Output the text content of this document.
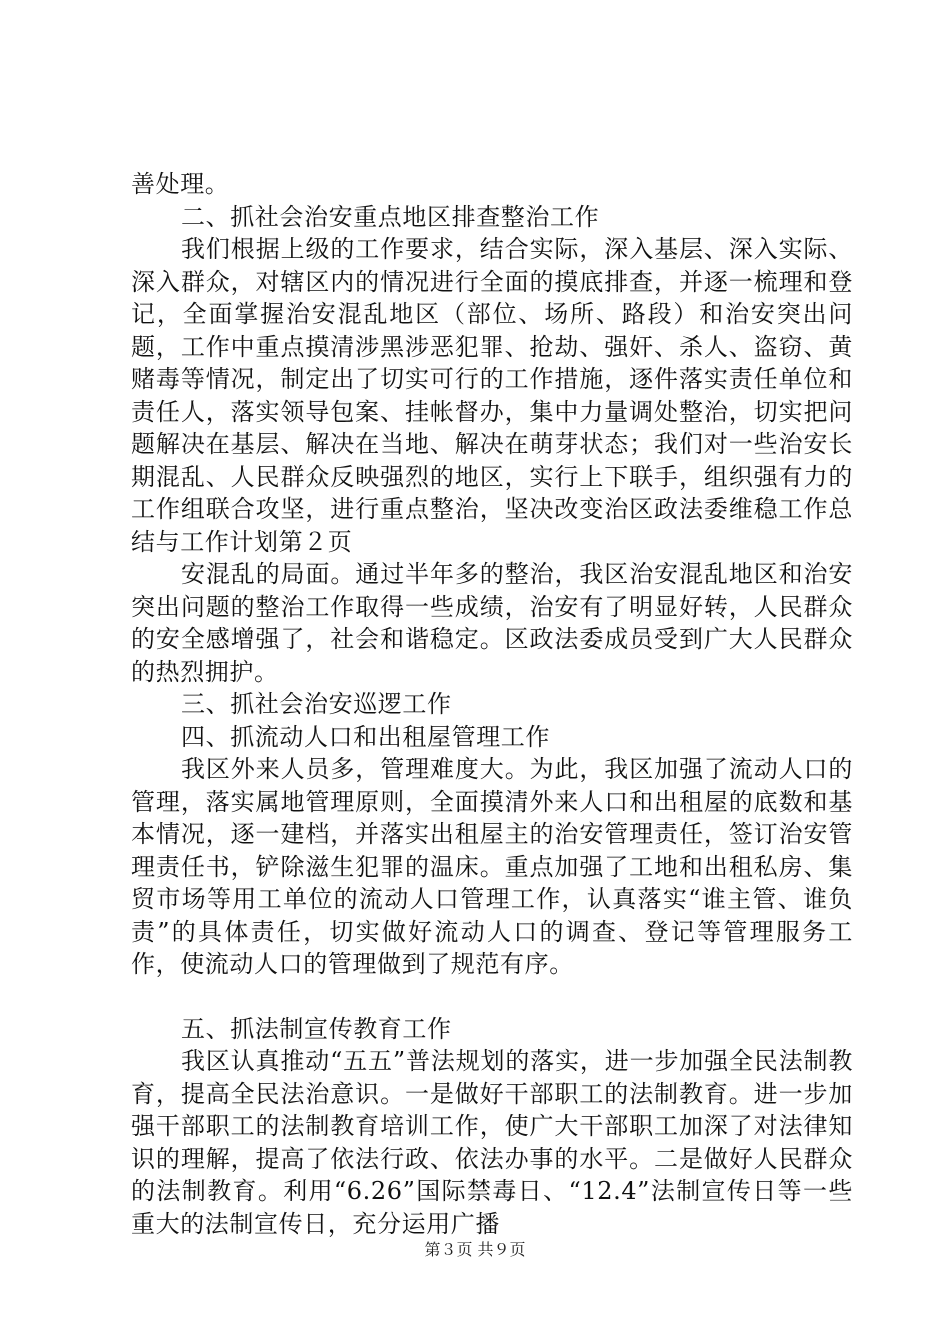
善处理。

二、抓社会治安重点地区排查整治工作

我们根据上级的工作要求，结合实际，深入基层、深入实际、深入群众，对辖区内的情况进行全面的摸底排查，并逐一梳理和登记，全面掌握治安混乱地区（部位、场所、路段）和治安突出问题，工作中重点摸清涉黑涉恶犯罪、抢劫、强奸、杀人、盗窃、黄赌毒等情况，制定出了切实可行的工作措施，逐件落实责任单位和责任人，落实领导包案、挂帐督办，集中力量调处整治，切实把问题解决在基层、解决在当地、解决在萌芽状态；我们对一些治安长期混乱、人民群众反映强烈的地区，实行上下联手，组织强有力的工作组联合攻坚，进行重点整治，坚决改变治区政法委维稳工作总结与工作计划第２页

安混乱的局面。通过半年多的整治，我区治安混乱地区和治安突出问题的整治工作取得一些成绩，治安有了明显好转，人民群众的安全感增强了，社会和谐稳定。区政法委成员受到广大人民群众的热烈拥护。

三、抓社会治安巡逻工作

四、抓流动人口和出租屋管理工作

我区外来人员多，管理难度大。为此，我区加强了流动人口的管理，落实属地管理原则，全面摸清外来人口和出租屋的底数和基本情况，逐一建档，并落实出租屋主的治安管理责任，签订治安管理责任书，铲除滋生犯罪的温床。重点加强了工地和出租私房、集贸市场等用工单位的流动人口管理工作，认真落实“谁主管、谁负责”的具体责任，切实做好流动人口的调查、登记等管理服务工作，使流动人口的管理做到了规范有序。

五、抓法制宣传教育工作

我区认真推动“五五”普法规划的落实，进一步加强全民法制教育，提高全民法治意识。一是做好干部职工的法制教育。进一步加强干部职工的法制教育培训工作，使广大干部职工加深了对法律知识的理解，提高了依法行政、依法办事的水平。二是做好人民群众的法制教育。利用“6.26”国际禁毒日、“12.4”法制宣传日等一些重大的法制宣传日，充分运用广播

第３页 共９页
